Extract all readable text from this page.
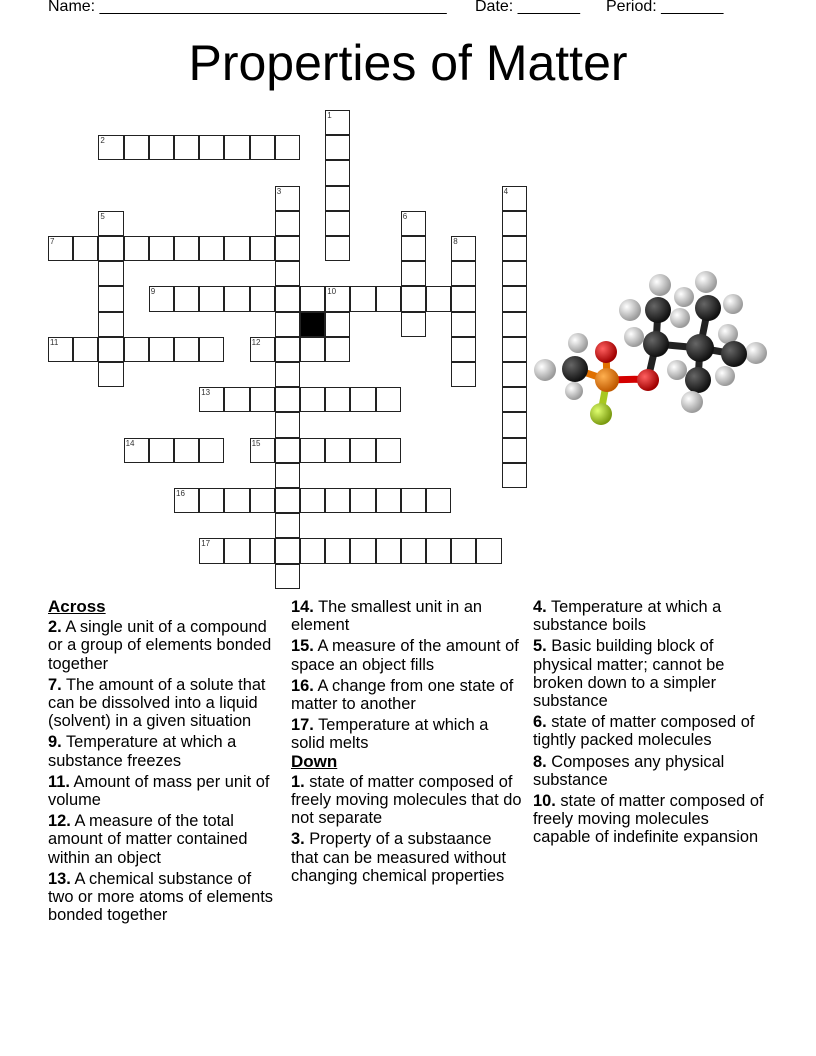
Name: _______________________________________ Date: _______ Period: _______
Properties of Matter
1
2
3	4
5	6
7	8
9	10
11	12
13
14	15
16
17
Across
2. A single unit of a compound or a group of elements bonded together
7. The amount of a solute that can be dissolved into a liquid (solvent) in a given situation
9. Temperature at which a substance freezes
11. Amount of mass per unit of volume
12. A measure of the total amount of matter contained within an object
13. A chemical substance of two or more atoms of elements bonded together
14. The smallest unit in an element
15. A measure of the amount of space an object fills
16. A change from one state of matter to another
17. Temperature at which a solid melts
Down
1. state of matter composed of freely moving molecules that do not separate
3. Property of a substaance that can be measured without changing chemical properties
4. Temperature at which a substance boils
5. Basic building block of physical matter; cannot be broken down to a simpler substance
6. state of matter composed of tightly packed molecules
8. Composes any physical substance
10. state of matter composed of freely moving molecules capable of indefinite expansion
